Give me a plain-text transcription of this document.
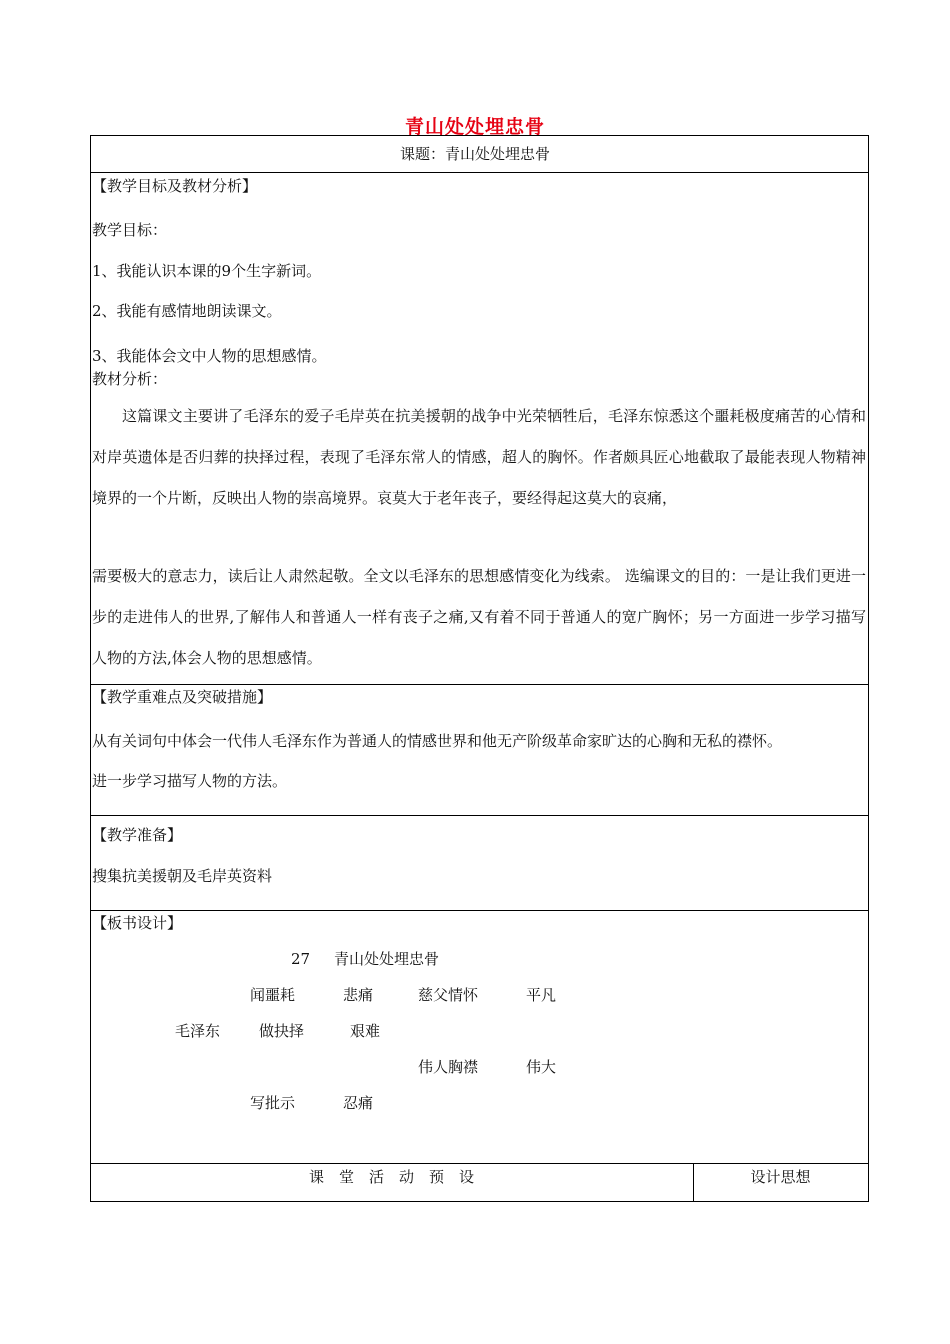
青山处处埋忠骨
课题：青山处处埋忠骨
【教学目标及教材分析】
教学目标：
1、我能认识本课的9个生字新词。
2、我能有感情地朗读课文。
3、我能体会文中人物的思想感情。
教材分析：

这篇课文主要讲了毛泽东的爱子毛岸英在抗美援朝的战争中光荣牺牲后，毛泽东惊悉这个噩耗极度痛苦的心情和对岸英遗体是否归葬的抉择过程，表现了毛泽东常人的情感，超人的胸怀。作者颇具匠心地截取了最能表现人物精神境界的一个片断，反映出人物的崇高境界。哀莫大于老年丧子，要经得起这莫大的哀痛，

需要极大的意志力，读后让人肃然起敬。全文以毛泽东的思想感情变化为线索。 选编课文的目的：一是让我们更进一步的走进伟人的世界,了解伟人和普通人一样有丧子之痛,又有着不同于普通人的宽广胸怀；另一方面进一步学习描写人物的方法,体会人物的思想感情。

【教学重难点及突破措施】
从有关词句中体会一代伟人毛泽东作为普通人的情感世界和他无产阶级革命家旷达的心胸和无私的襟怀。
进一步学习描写人物的方法。
【教学准备】
搜集抗美援朝及毛岸英资料
【板书设计】
27 青山处处埋忠骨
闻噩耗	悲痛	慈父情怀	平凡
毛泽东	做抉择	艰难
伟人胸襟	伟大
写批示	忍痛
课　堂　活　动　预　设	设计思想
